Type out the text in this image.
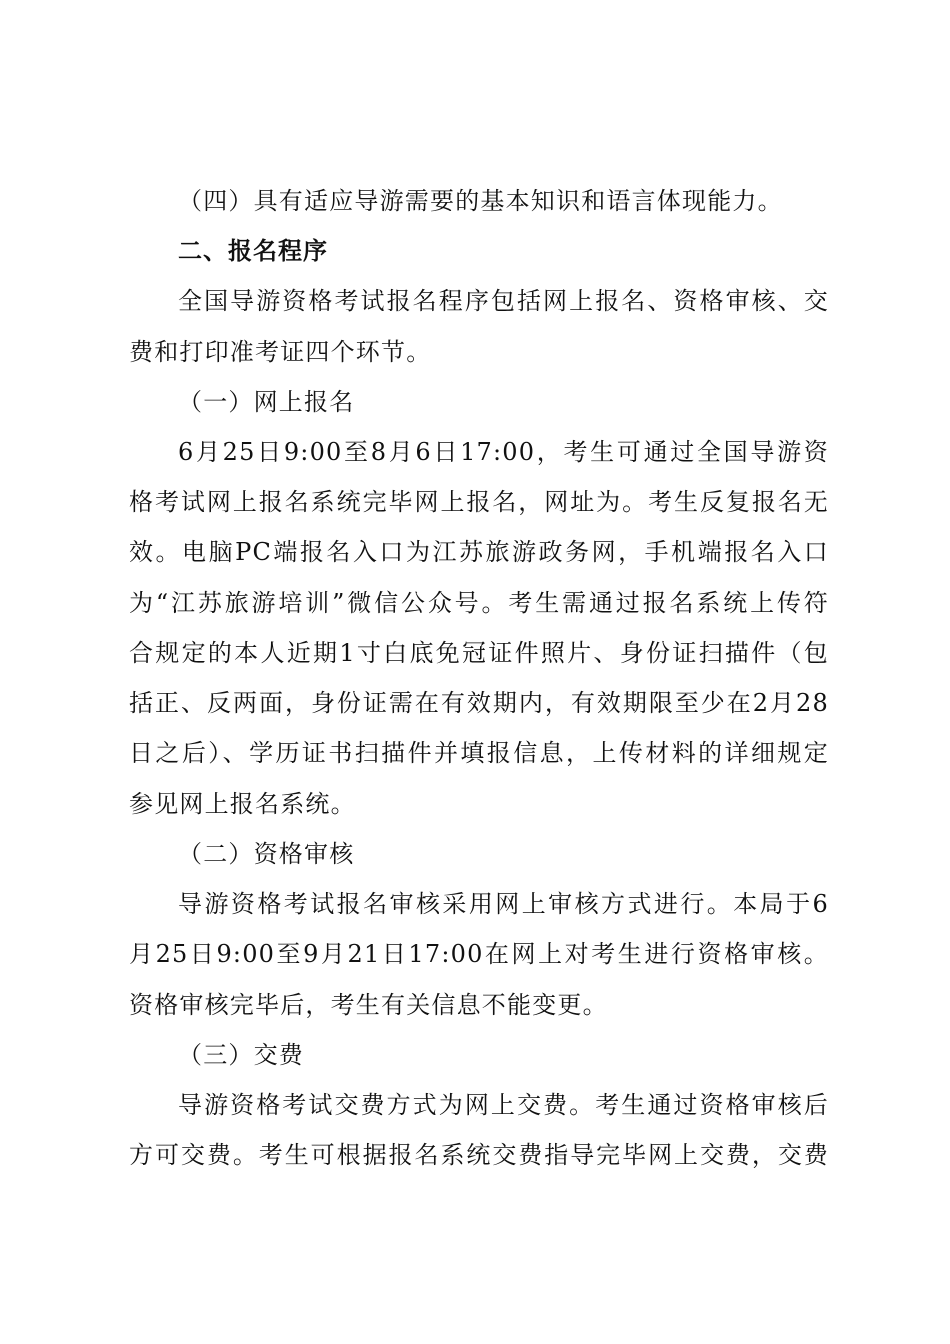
（四）具有适应导游需要的基本知识和语言体现能力。
二、报名程序
全国导游资格考试报名程序包括网上报名、资格审核、交
费和打印准考证四个环节。
（一）网上报名
6月25日9:00至8月6日17:00，考生可通过全国导游资
格考试网上报名系统完毕网上报名，网址为。考生反复报名无
效。电脑PC端报名入口为江苏旅游政务网，手机端报名入口
为“江苏旅游培训”微信公众号。考生需通过报名系统上传符
合规定的本人近期1寸白底免冠证件照片、身份证扫描件（包
括正、反两面，身份证需在有效期内，有效期限至少在2月28
日之后）、学历证书扫描件并填报信息，上传材料的详细规定
参见网上报名系统。
（二）资格审核
导游资格考试报名审核采用网上审核方式进行。本局于6
月25日9:00至9月21日17:00在网上对考生进行资格审核。
资格审核完毕后，考生有关信息不能变更。
（三）交费
导游资格考试交费方式为网上交费。考生通过资格审核后
方可交费。考生可根据报名系统交费指导完毕网上交费，交费
